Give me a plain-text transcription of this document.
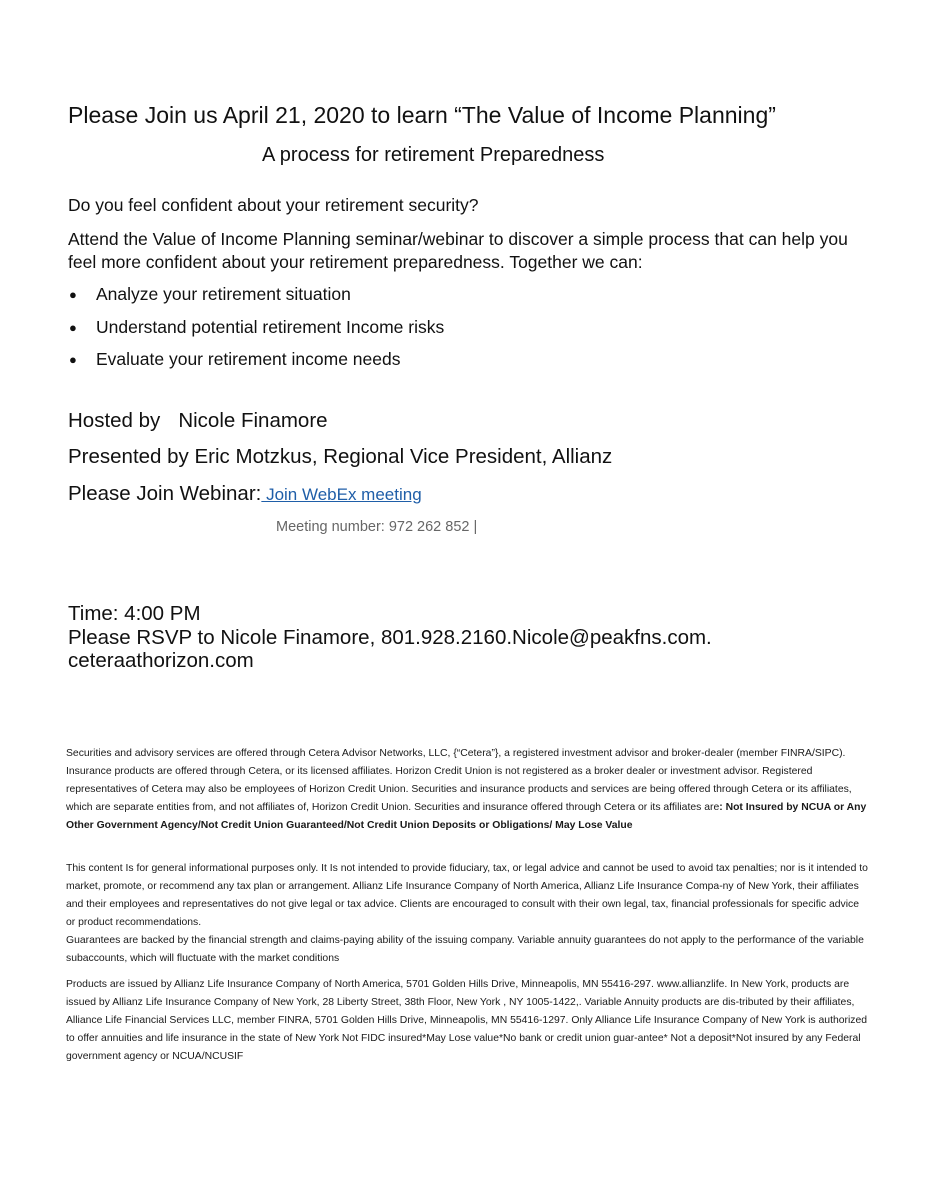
Please Join us April 21, 2020 to learn “The Value of Income Planning”
A process for retirement Preparedness

Do you feel confident about your retirement security?

Attend the Value of Income Planning seminar/webinar to discover a simple process that can help you feel more confident about your retirement preparedness. Together we can:

●	Analyze your retirement situation
●	Understand potential retirement Income risks
●	Evaluate your retirement income needs
Hosted by Nicole Finamore
Presented by Eric Motzkus, Regional Vice President, Allianz
Please Join Webinar: Join WebEx meeting
Meeting number: 972 262 852 |
Time: 4:00 PM
Please RSVP to Nicole Finamore, 801.928.2160.Nicole@peakfns.com.
ceteraathorizon.com

Securities and advisory services are offered through Cetera Advisor Networks, LLC, {“Cetera”}, a registered investment advisor and broker-dealer (member FINRA/SIPC). Insurance products are offered through Cetera, or its licensed affiliates. Horizon Credit Union is not registered as a broker dealer or investment advisor. Registered representatives of Cetera may also be employees of Horizon Credit Union. Securities and insurance products and services are being offered through Cetera or its affiliates, which are separate entities from, and not affiliates of, Horizon Credit Union. Securities and insurance offered through Cetera or its affiliates are: Not Insured by NCUA or Any Other Government Agency/Not Credit Union Guaranteed/Not Credit Union Deposits or Obligations/ May Lose Value

This content Is for general informational purposes only. It Is not intended to provide fiduciary, tax, or legal advice and cannot be used to avoid tax penalties; nor is it intended to market, promote, or recommend any tax plan or arrangement. Allianz Life Insurance Company of North America, Allianz Life Insurance Compa-ny of New York, their affiliates and their employees and representatives do not give legal or tax advice. Clients are encouraged to consult with their own legal, tax, financial professionals for specific advice or product recommendations.

Guarantees are backed by the financial strength and claims-paying ability of the issuing company. Variable annuity guarantees do not apply to the performance of the variable subaccounts, which will fluctuate with the market conditions

Products are issued by Allianz Life Insurance Company of North America, 5701 Golden Hills Drive, Minneapolis, MN 55416-297. www.allianzlife. In New York, products are issued by Allianz Life Insurance Company of New York, 28 Liberty Street, 38th Floor, New York , NY 1005-1422,. Variable Annuity products are dis-tributed by their affiliates, Alliance Life Financial Services LLC, member FINRA, 5701 Golden Hills Drive, Minneapolis, MN 55416-1297. Only Alliance Life Insurance Company of New York is authorized to offer annuities and life insurance in the state of New York Not FIDC insured*May Lose value*No bank or credit union guar-antee* Not a deposit*Not insured by any Federal government agency or NCUA/NCUSIF
